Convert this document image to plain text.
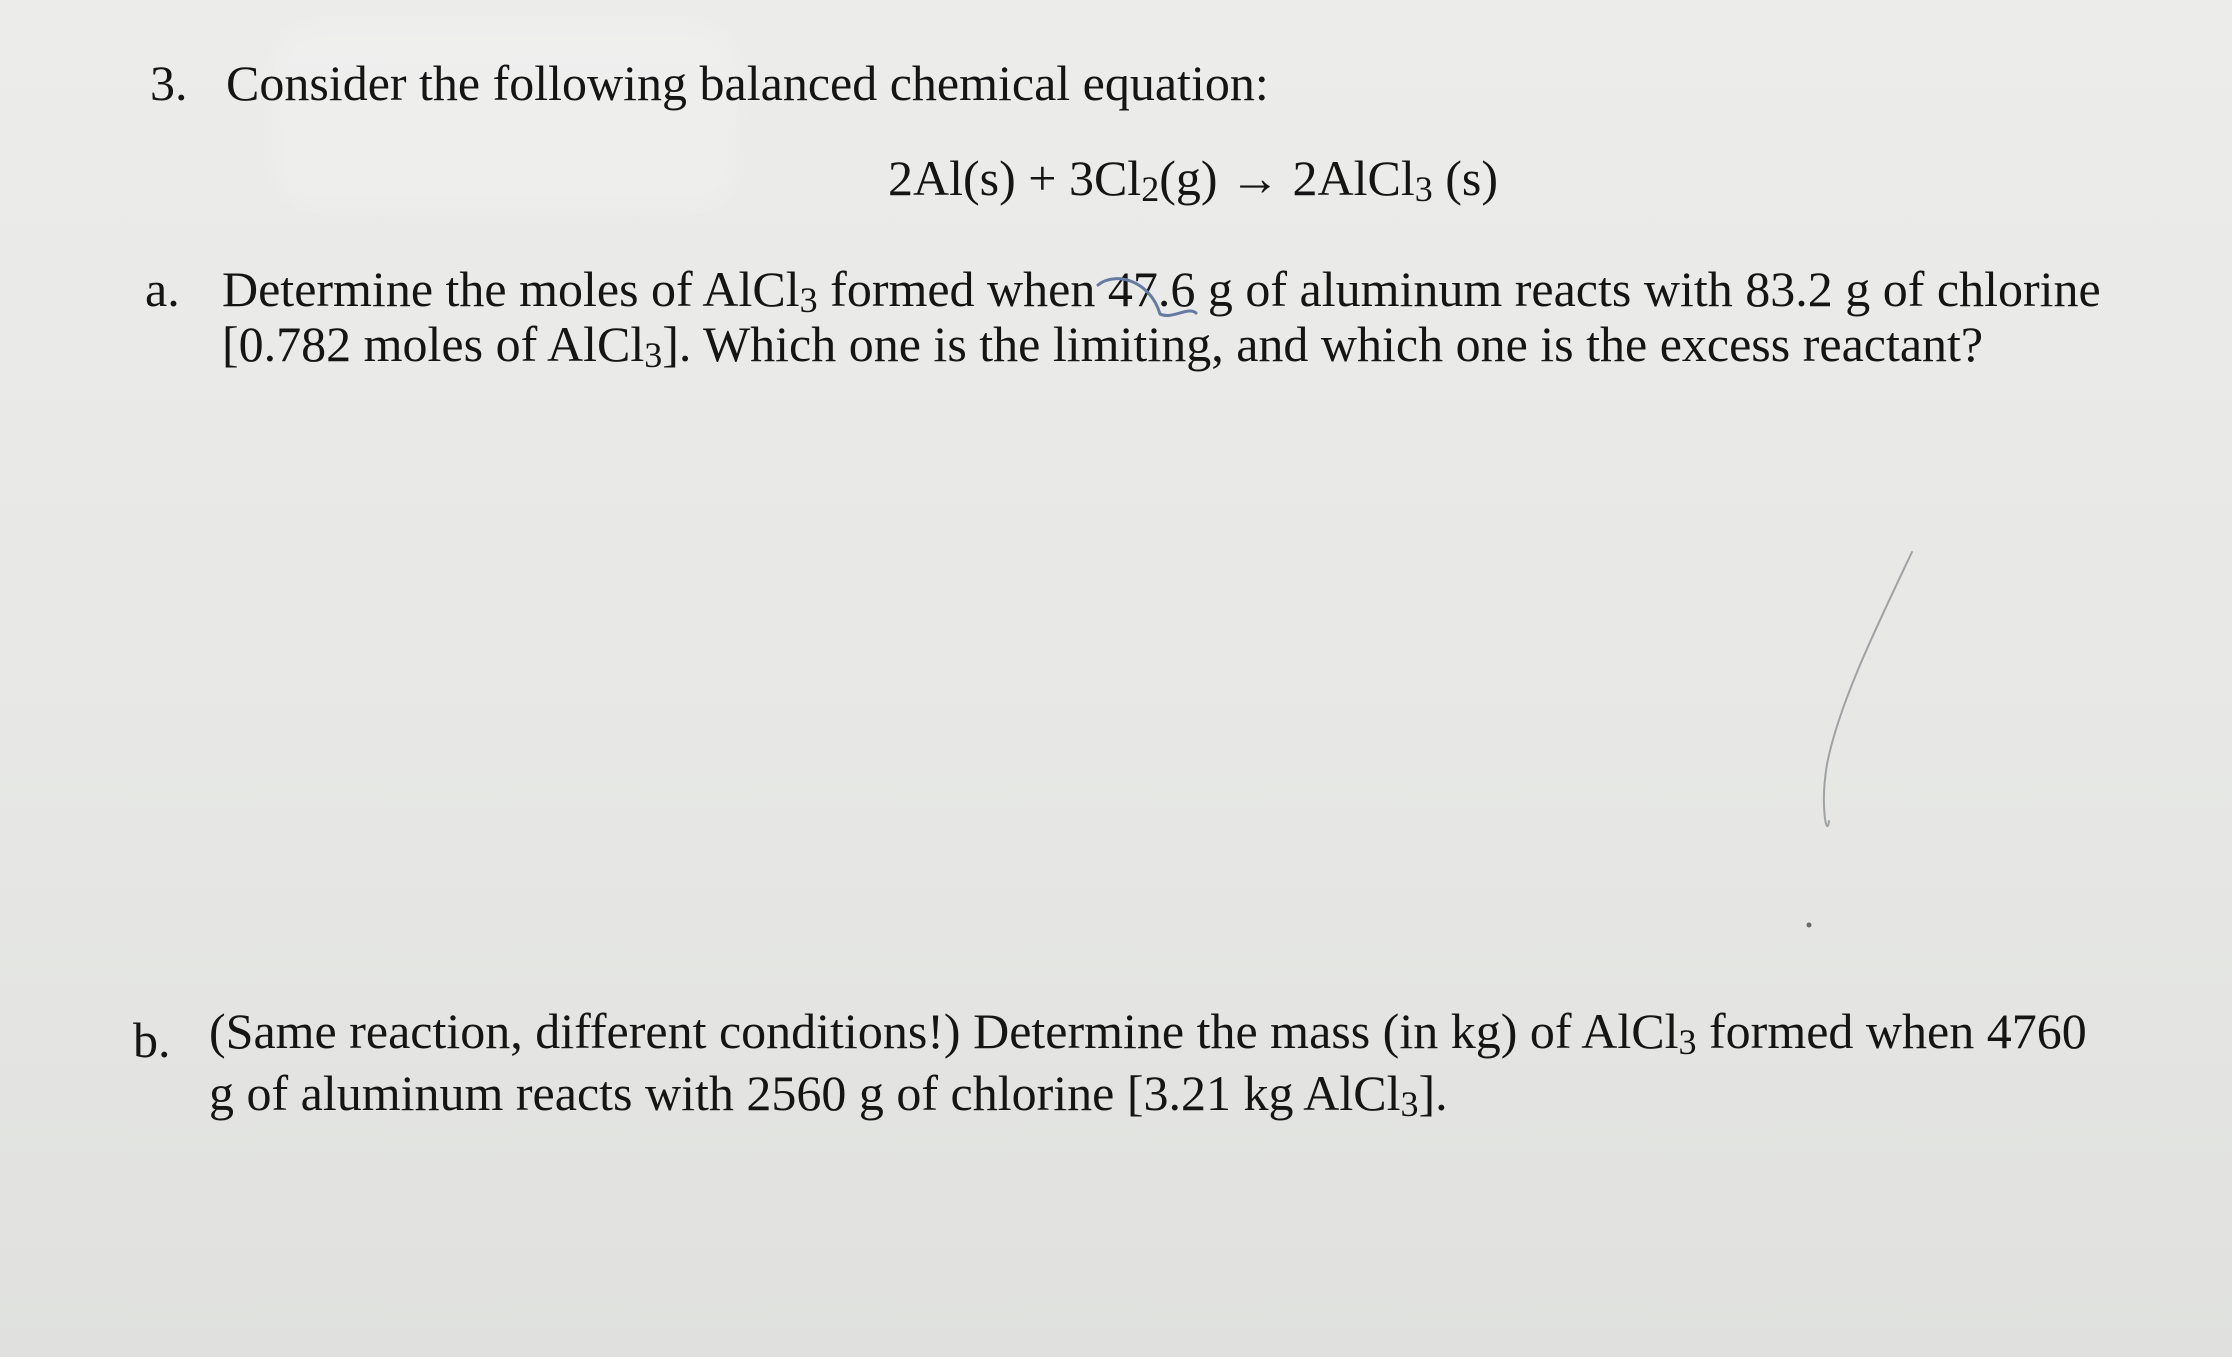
3. Consider the following balanced chemical equation:
$2Al(s) + 3Cl_2(g)$ → 2AlCl$_3$ (s)
a. Determine the moles of AlCl$_3$ formed when 47.6 g of aluminum reacts with 83.2 g of chlorine
[0.782 moles of AlCl$_3$]. Which one is the limiting, and which one is the excess reactant?
b. (Same reaction, different conditions!) Determine the mass (in kg) of AlCl$_3$ formed when 4760
g of aluminum reacts with 2560 g of chlorine [3.21 kg AlCl$_3$].
